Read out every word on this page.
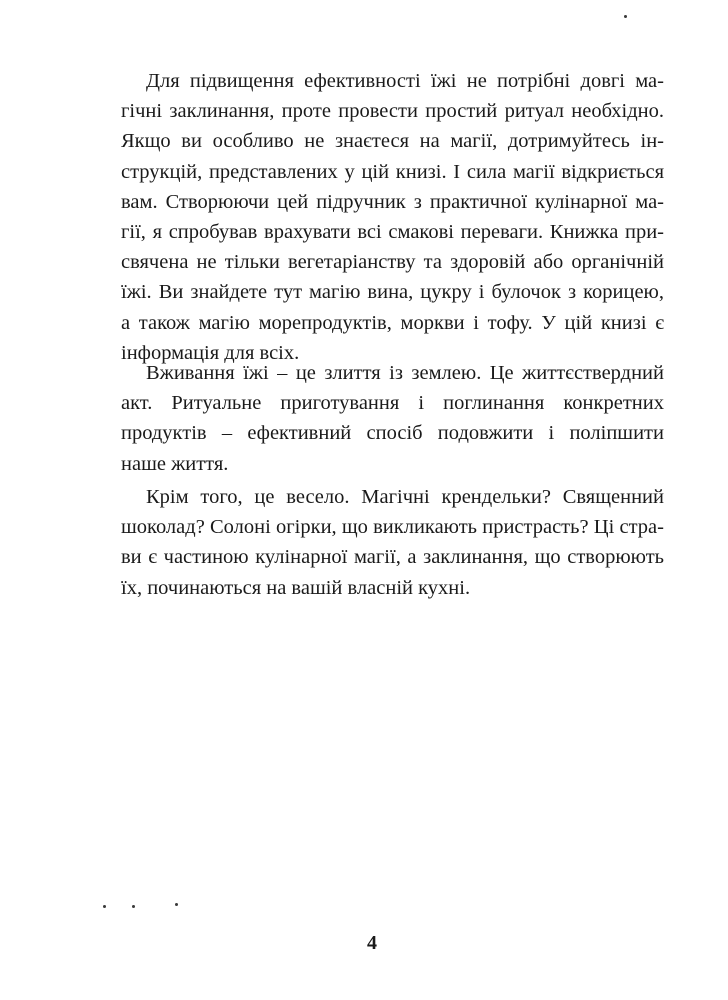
Для підвищення ефективності їжі не потрібні довгі ма-
гічні заклинання, проте провести простий ритуал необхідно.
Якщо ви особливо не знаєтеся на магії, дотримуйтесь ін-
струкцій, представлених у цій книзі. І сила магії відкриється
вам. Створюючи цей підручник з практичної кулінарної ма-
гії, я спробував врахувати всі смакові переваги. Книжка при-
свячена не тільки вегетаріанству та здоровій або органічній
їжі. Ви знайдете тут магію вина, цукру і булочок з корицею,
а також магію морепродуктів, моркви і тофу. У цій книзі є
інформація для всіх.
Вживання їжі – це злиття із землею. Це життєствердний
акт. Ритуальне приготування і поглинання конкретних
продуктів – ефективний спосіб подовжити і поліпшити
наше життя.
Крім того, це весело. Магічні крендельки? Священний
шоколад? Солоні огірки, що викликають пристрасть? Ці стра-
ви є частиною кулінарної магії, а заклинання, що створюють
їх, починаються на вашій власній кухні.
4
